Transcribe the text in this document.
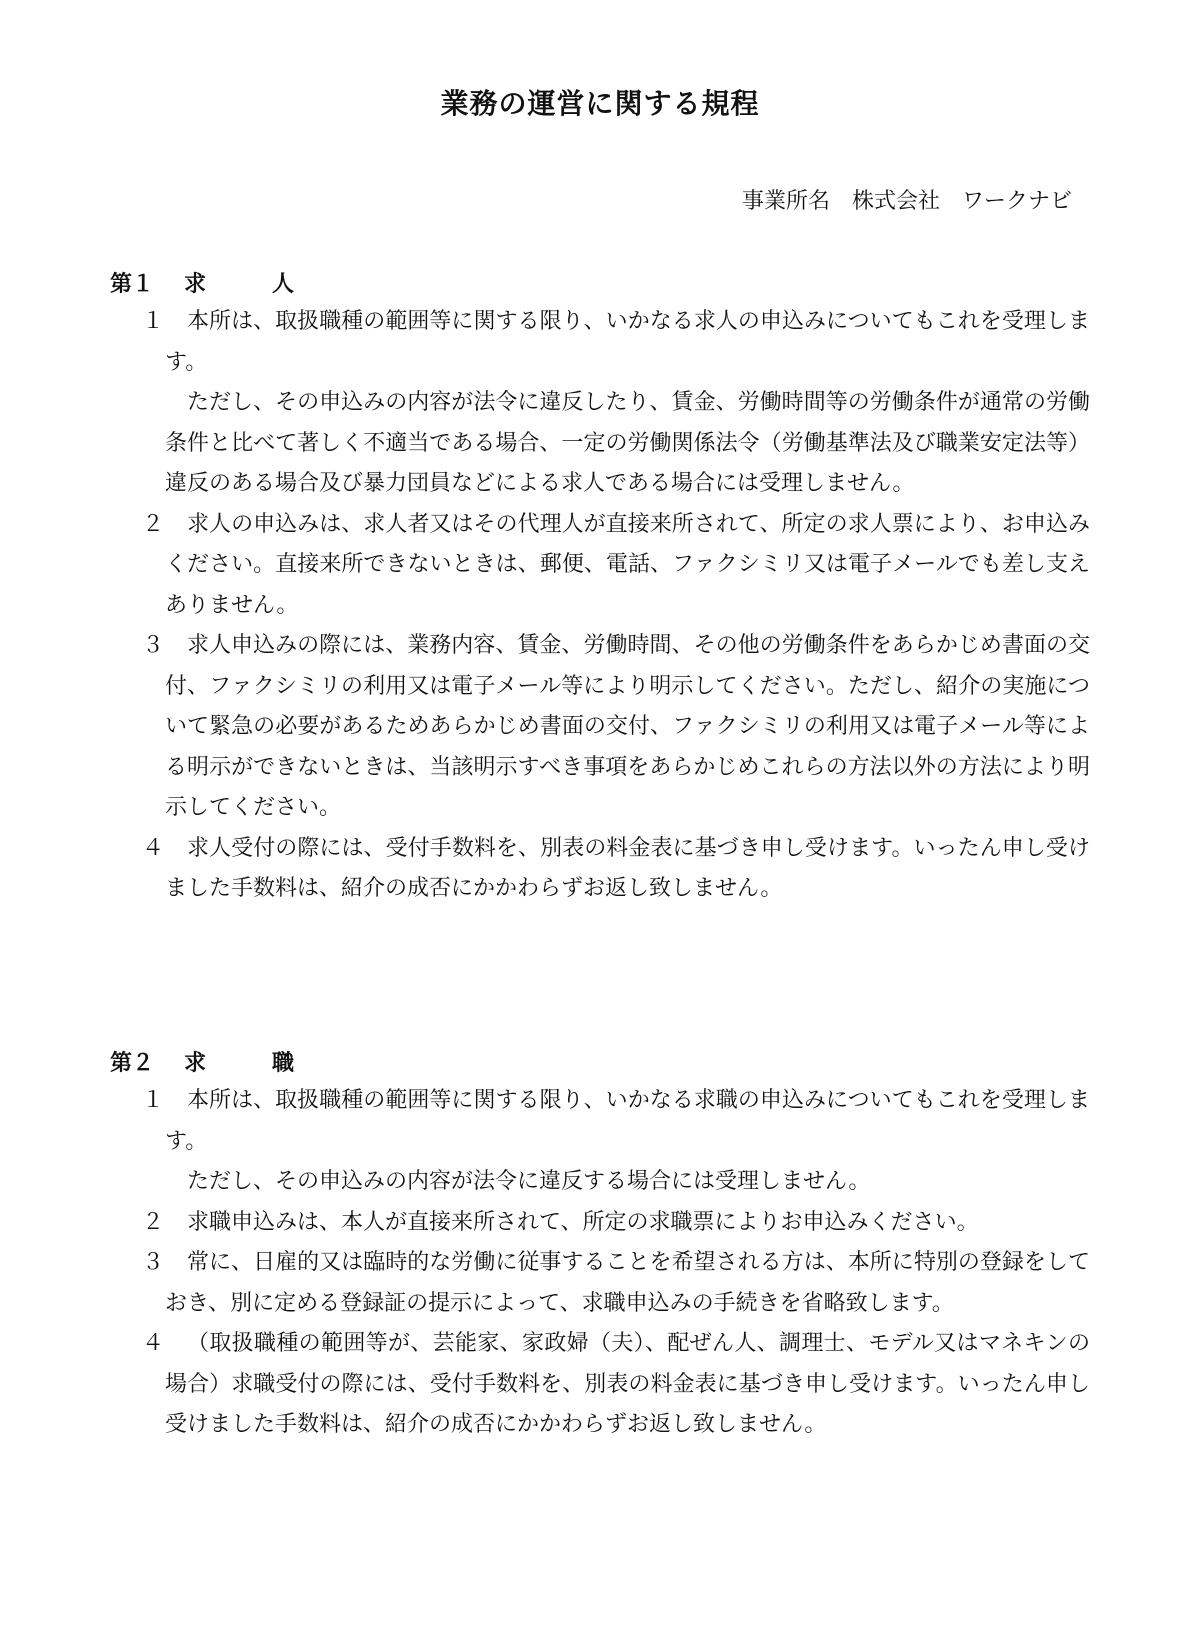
業務の運営に関する規程

事業所名　株式会社　ワークナビ

第１ 求　　　人
１	本所は、取扱職種の範囲等に関する限り、いかなる求人の申込みについてもこれを受理します。

ただし、その申込みの内容が法令に違反したり、賃金、労働時間等の労働条件が通常の労働条件と比べて著しく不適当である場合、一定の労働関係法令（労働基準法及び職業安定法等）違反のある場合及び暴力団員などによる求人である場合には受理しません。

２	求人の申込みは、求人者又はその代理人が直接来所されて、所定の求人票により、お申込みください。直接来所できないときは、郵便、電話、ファクシミリ又は電子メールでも差し支えありません。

３	求人申込みの際には、業務内容、賃金、労働時間、その他の労働条件をあらかじめ書面の交付、ファクシミリの利用又は電子メール等により明示してください。ただし、紹介の実施について緊急の必要があるためあらかじめ書面の交付、ファクシミリの利用又は電子メール等による明示ができないときは、当該明示すべき事項をあらかじめこれらの方法以外の方法により明示してください。

４	求人受付の際には、受付手数料を、別表の料金表に基づき申し受けます。いったん申し受けました手数料は、紹介の成否にかかわらずお返し致しません。

第２ 求　　　職
１	本所は、取扱職種の範囲等に関する限り、いかなる求職の申込みについてもこれを受理します。

ただし、その申込みの内容が法令に違反する場合には受理しません。

２	求職申込みは、本人が直接来所されて、所定の求職票によりお申込みください。

３	常に、日雇的又は臨時的な労働に従事することを希望される方は、本所に特別の登録をしておき、別に定める登録証の提示によって、求職申込みの手続きを省略致します。

４	（取扱職種の範囲等が、芸能家、家政婦（夫）、配ぜん人、調理士、モデル又はマネキンの場合）求職受付の際には、受付手数料を、別表の料金表に基づき申し受けます。いったん申し受けました手数料は、紹介の成否にかかわらずお返し致しません。
